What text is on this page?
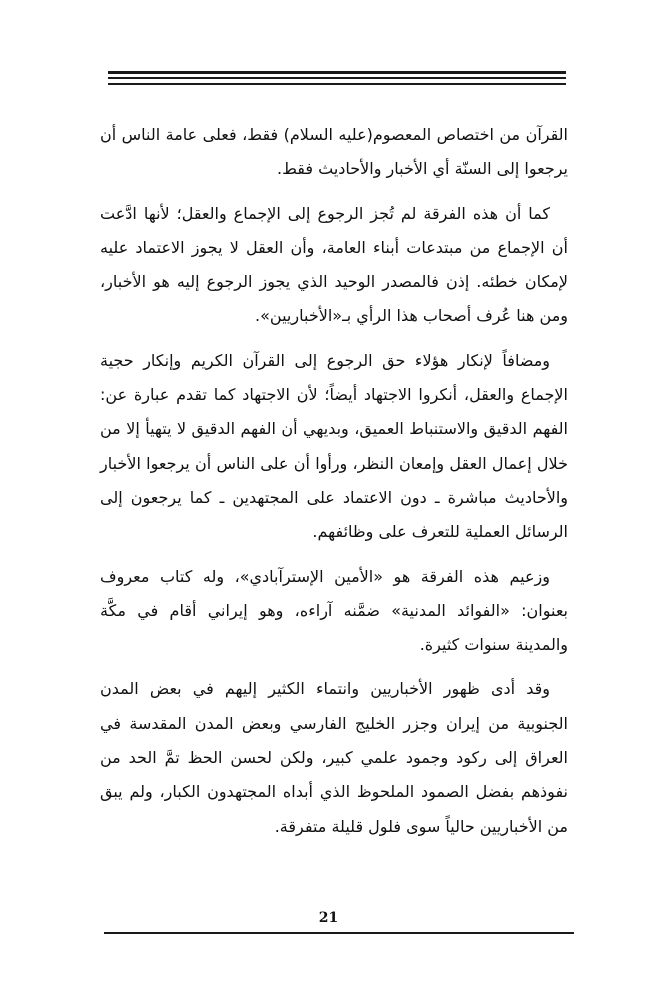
القرآن من اختصاص المعصوم(عليه السلام) فقط، فعلى عامة الناس أن يرجعوا إلى السنّة أي الأخبار والأحاديث فقط.

كما أن هذه الفرقة لم تُجز الرجوع إلى الإجماع والعقل؛ لأنها ادَّعت أن الإجماع من مبتدعات أبناء العامة، وأن العقل لا يجوز الاعتماد عليه لإمكان خطئه. إذن فالمصدر الوحيد الذي يجوز الرجوع إليه هو الأخبار، ومن هنا عُرف أصحاب هذا الرأي بـ«الأخباريين».

ومضافاً لإنكار هؤلاء حق الرجوع إلى القرآن الكريم وإنكار حجية الإجماع والعقل، أنكروا الاجتهاد أيضاً؛ لأن الاجتهاد كما تقدم عبارة عن: الفهم الدقيق والاستنباط العميق، وبديهي أن الفهم الدقيق لا يتهيأ إلا من خلال إعمال العقل وإمعان النظر، ورأوا أن على الناس أن يرجعوا الأخبار والأحاديث مباشرة ـ دون الاعتماد على المجتهدين ـ كما يرجعون إلى الرسائل العملية للتعرف على وظائفهم.

وزعيم هذه الفرقة هو «الأمين الإسترآبادي»، وله كتاب معروف بعنوان: «الفوائد المدنية» ضمَّنه آراءه، وهو إيراني أقام في مكَّة والمدينة سنوات كثيرة.

وقد أدى ظهور الأخباريين وانتماء الكثير إليهم في بعض المدن الجنوبية من إيران وجزر الخليج الفارسي وبعض المدن المقدسة في العراق إلى ركود وجمود علمي كبير، ولكن لحسن الحظ تمَّ الحد من نفوذهم بفضل الصمود الملحوظ الذي أبداه المجتهدون الكبار، ولم يبق من الأخباريين حالياً سوى فلول قليلة متفرقة.

21
